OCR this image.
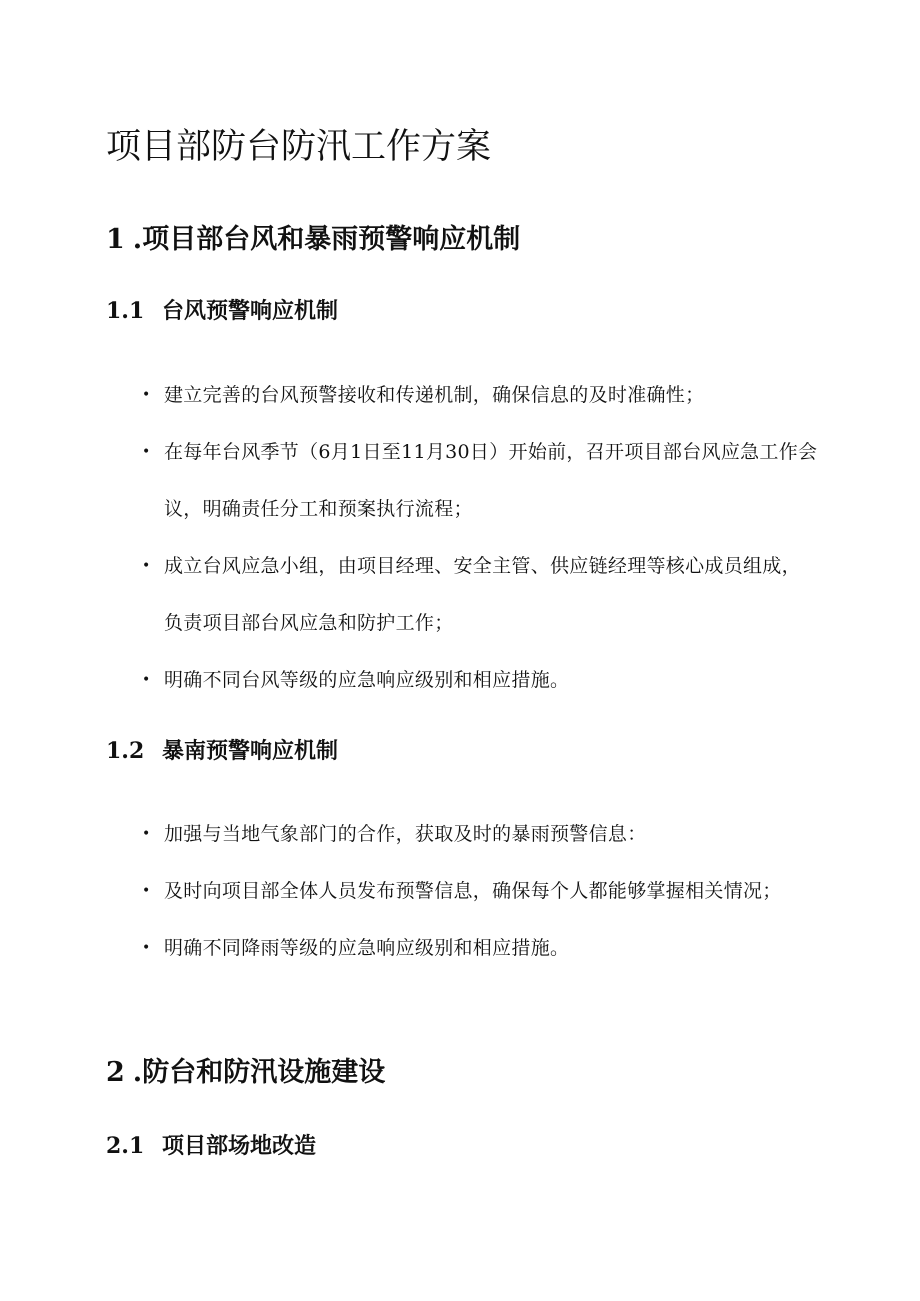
项目部防台防汛工作方案
1 .项目部台风和暴雨预警响应机制
1.1 台风预警响应机制
• 建立完善的台风预警接收和传递机制，确保信息的及时准确性；
• 在每年台风季节（6月1日至11月30日）开始前，召开项目部台风应急工作会议，明确责任分工和预案执行流程；
• 成立台风应急小组，由项目经理、安全主管、供应链经理等核心成员组成，负责项目部台风应急和防护工作；
• 明确不同台风等级的应急响应级别和相应措施。
1.2 暴南预警响应机制
• 加强与当地气象部门的合作，获取及时的暴雨预警信息：
• 及时向项目部全体人员发布预警信息，确保每个人都能够掌握相关情况；
• 明确不同降雨等级的应急响应级别和相应措施。
2 .防台和防汛设施建设
2.1 项目部场地改造
